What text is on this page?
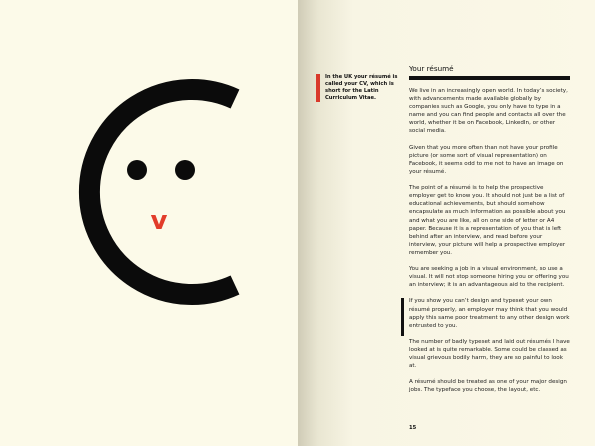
v
In the UK your résumé is called your CV, which is short for the Latin Curriculum Vitae.
Your résumé

We live in an increasingly open world. In today’s society, with advancements made available globally by companies such as Google, you only have to type in a name and you can find people and contacts all over the world, whether it be on Facebook, LinkedIn, or other social media.

Given that you more often than not have your profile picture (or some sort of visual representation) on Facebook, it seems odd to me not to have an image on your résumé.

The point of a résumé is to help the prospective employer get to know you. It should not just be a list of educational achievements, but should somehow encapsulate as much information as possible about you and what you are like, all on one side of letter or A4 paper. Because it is a representation of you that is left behind after an interview, and read before your interview, your picture will help a prospective employer remember you.

You are seeking a job in a visual environment, so use a visual. It will not stop someone hiring you or offering you an interview; it is an advantageous aid to the recipient.

If you show you can’t design and typeset your own résumé properly, an employer may think that you would apply this same poor treatment to any other design work entrusted to you.

The number of badly typeset and laid out résumés I have looked at is quite remarkable. Some could be classed as visual grievous bodily harm, they are so painful to look at.

A résumé should be treated as one of your major design jobs. The typeface you choose, the layout, etc.

15
